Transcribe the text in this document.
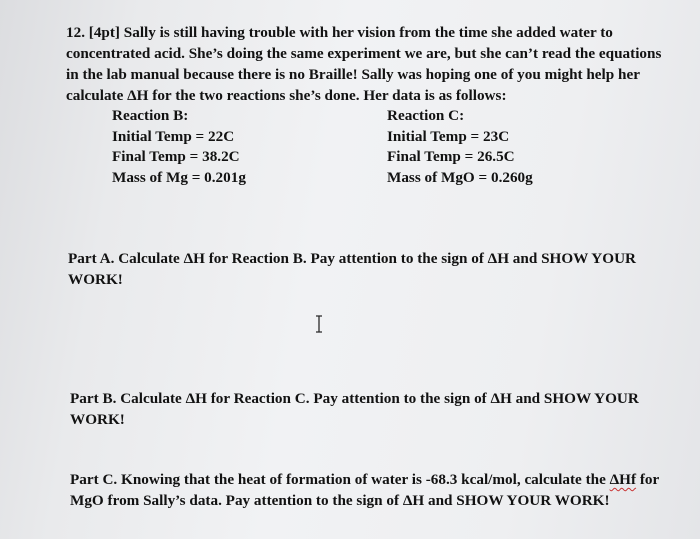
12. [4pt] Sally is still having trouble with her vision from the time she added water to concentrated acid. She’s doing the same experiment we are, but she can’t read the equations in the lab manual because there is no Braille! Sally was hoping one of you might help her calculate ΔH for the two reactions she’s done. Her data is as follows:

Reaction B:
Initial Temp = 22C
Final Temp = 38.2C
Mass of Mg = 0.201g
Reaction C:
Initial Temp = 23C
Final Temp = 26.5C
Mass of MgO = 0.260g

Part A. Calculate ΔH for Reaction B. Pay attention to the sign of ΔH and SHOW YOUR WORK!

Part B. Calculate ΔH for Reaction C. Pay attention to the sign of ΔH and SHOW YOUR WORK!

Part C. Knowing that the heat of formation of water is -68.3 kcal/mol, calculate the ΔHf for MgO from Sally’s data. Pay attention to the sign of ΔH and SHOW YOUR WORK!
